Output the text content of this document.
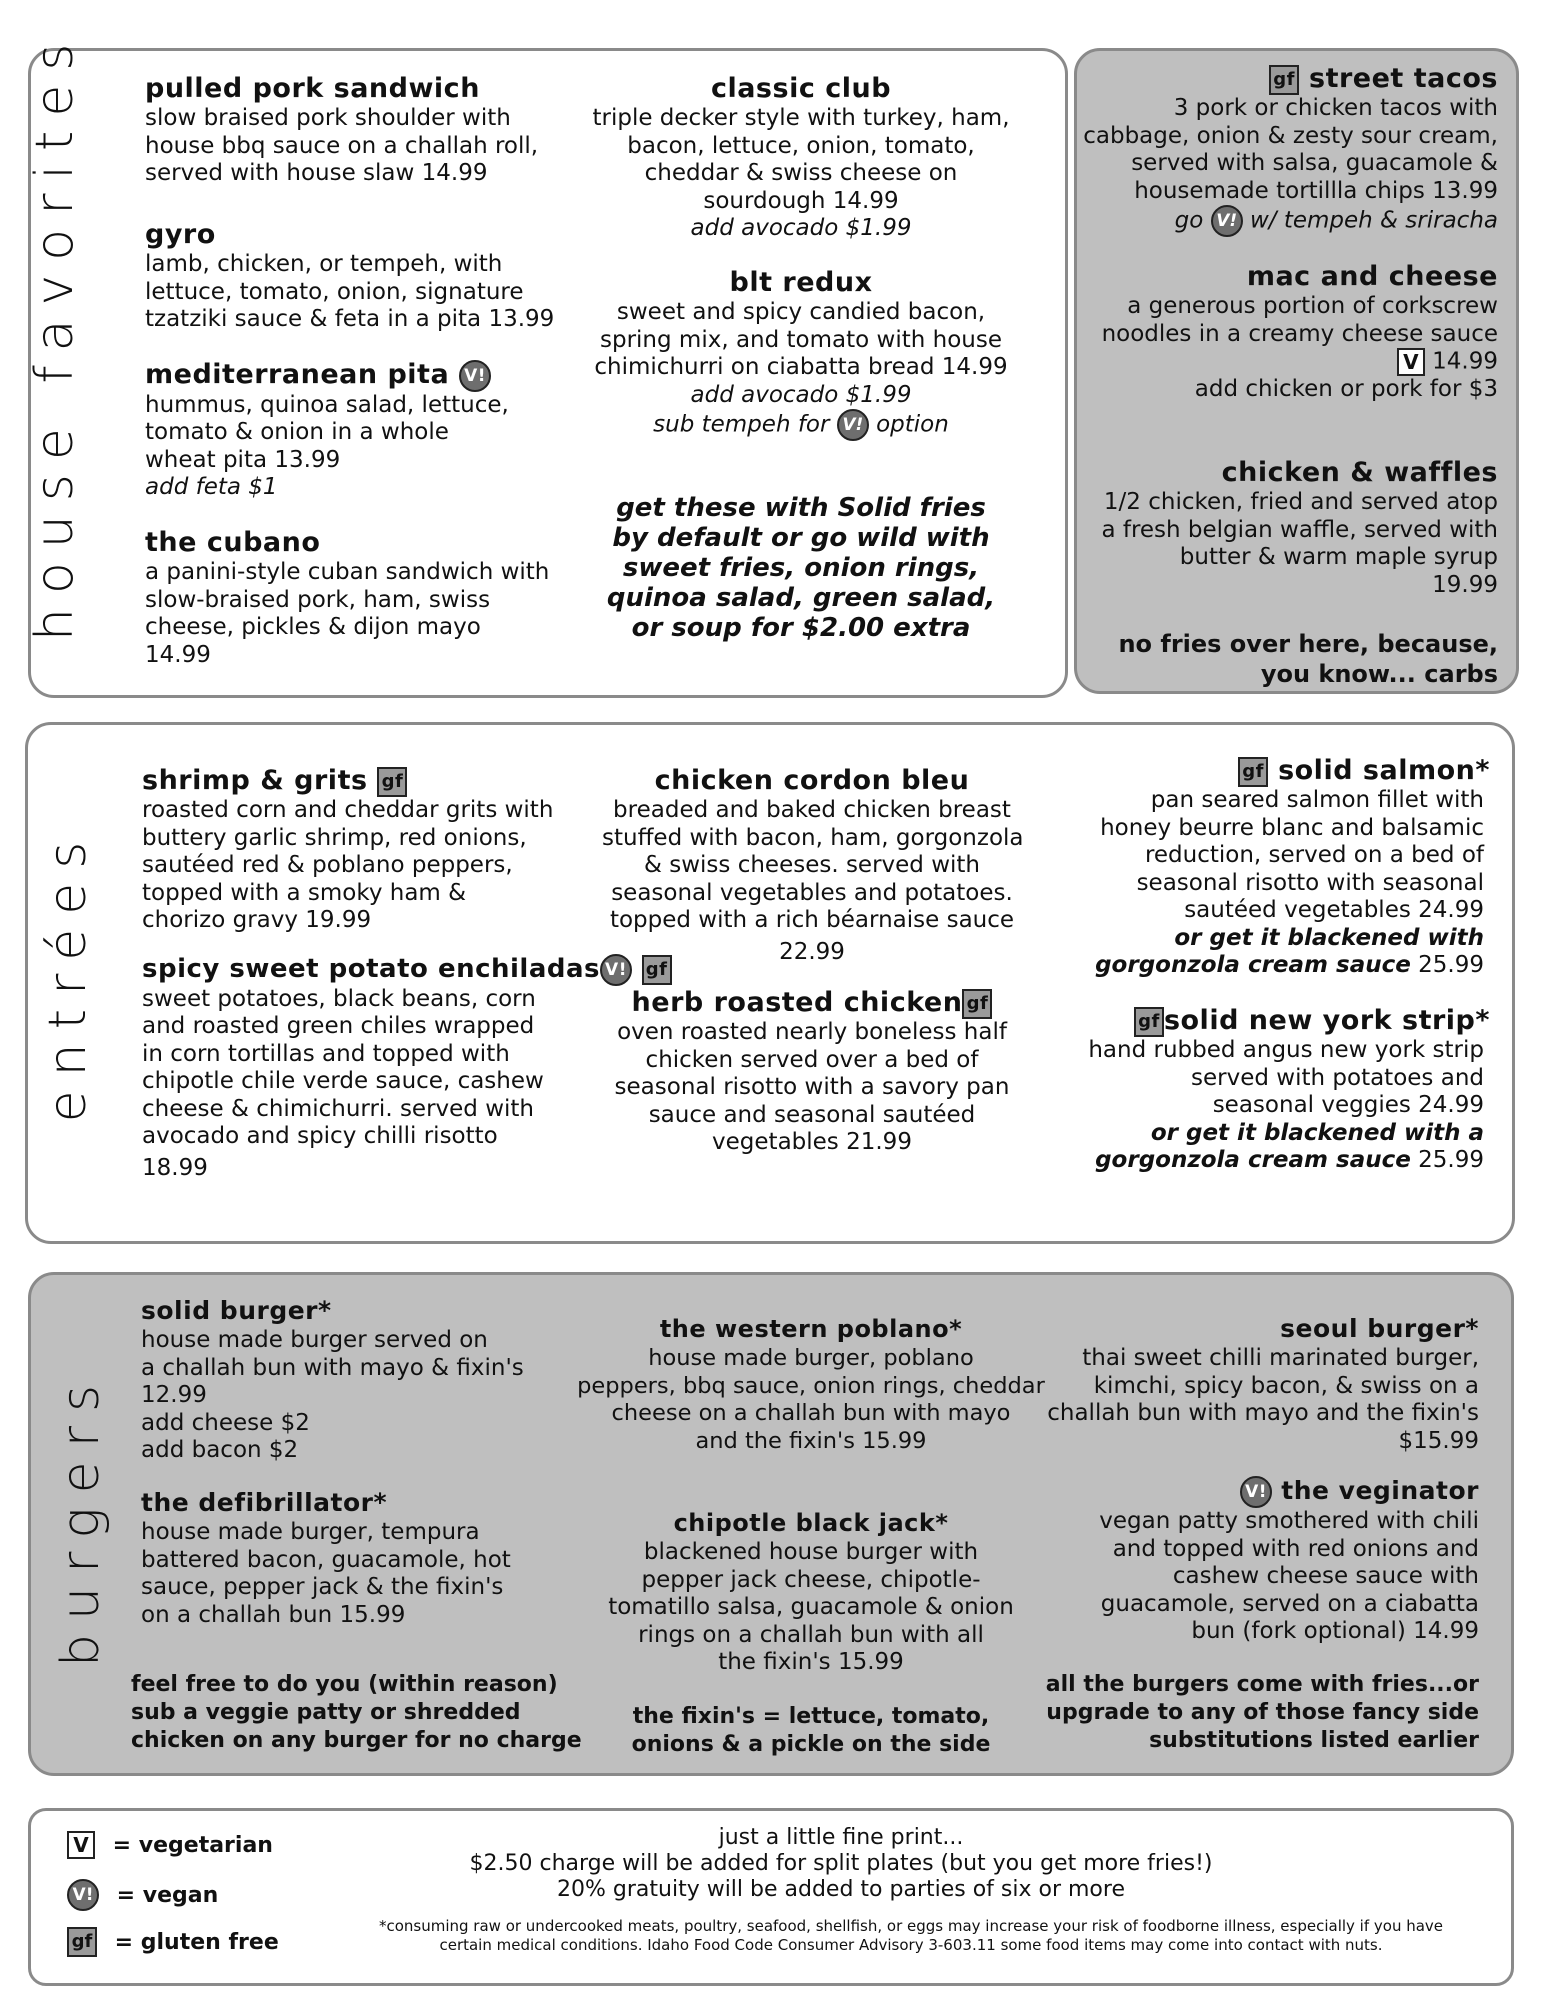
house favorites pulled pork sandwich
slow braised pork shoulder with
house bbq sauce on a challah roll,
served with house slaw 14.99
gyro
lamb, chicken, or tempeh, with
lettuce, tomato, onion, signature
tzatziki sauce & feta in a pita 13.99
mediterranean pita V!
hummus, quinoa salad, lettuce,
tomato & onion in a whole
wheat pita 13.99
add feta $1
the cubano
a panini-style cuban sandwich with
slow-braised pork, ham, swiss
cheese, pickles & dijon mayo
14.99
classic club
triple decker style with turkey, ham,
bacon, lettuce, onion, tomato,
cheddar & swiss cheese on
sourdough 14.99
add avocado $1.99
blt redux
sweet and spicy candied bacon,
spring mix, and tomato with house
chimichurri on ciabatta bread 14.99
add avocado $1.99
sub tempeh for V! option
get these with Solid fries
by default or go wild with
sweet fries, onion rings,
quinoa salad, green salad,
or soup for $2.00 extra
gf street tacos
3 pork or chicken tacos with
cabbage, onion & zesty sour cream,
served with salsa, guacamole &
housemade tortillla chips 13.99
go V! w/ tempeh & sriracha
mac and cheese
a generous portion of corkscrew
noodles in a creamy cheese sauce
V 14.99
add chicken or pork for $3
chicken & waffles
1/2 chicken, fried and served atop
a fresh belgian waffle, served with
butter & warm maple syrup
19.99
no fries over here, because,
you know... carbs
entrées
shrimp & grits gf
roasted corn and cheddar grits with
buttery garlic shrimp, red onions,
sautéed red & poblano peppers,
topped with a smoky ham &
chorizo gravy 19.99
spicy sweet potato enchiladas V! gf
sweet potatoes, black beans, corn
and roasted green chiles wrapped
in corn tortillas and topped with
chipotle chile verde sauce, cashew
cheese & chimichurri. served with
avocado and spicy chilli risotto
18.99
chicken cordon bleu
breaded and baked chicken breast
stuffed with bacon, ham, gorgonzola
& swiss cheeses. served with
seasonal vegetables and potatoes.
topped with a rich béarnaise sauce
22.99
herb roasted chicken gf
oven roasted nearly boneless half
chicken served over a bed of
seasonal risotto with a savory pan
sauce and seasonal sautéed
vegetables 21.99
gf solid salmon*
pan seared salmon fillet with
honey beurre blanc and balsamic
reduction, served on a bed of
seasonal risotto with seasonal
sautéed vegetables 24.99
or get it blackened with
gorgonzola cream sauce 25.99
gf solid new york strip*
hand rubbed angus new york strip
served with potatoes and
seasonal veggies 24.99
or get it blackened with a
gorgonzola cream sauce 25.99
burgers
solid burger*
house made burger served on
a challah bun with mayo & fixin's
12.99
add cheese $2
add bacon $2
the defibrillator*
house made burger, tempura
battered bacon, guacamole, hot
sauce, pepper jack & the fixin's
on a challah bun 15.99
feel free to do you (within reason)
sub a veggie patty or shredded
chicken on any burger for no charge
the western poblano*
house made burger, poblano
peppers, bbq sauce, onion rings, cheddar
cheese on a challah bun with mayo
and the fixin's 15.99
chipotle black jack*
blackened house burger with
pepper jack cheese, chipotle-
tomatillo salsa, guacamole & onion
rings on a challah bun with all
the fixin's 15.99
the fixin's = lettuce, tomato,
onions & a pickle on the side
seoul burger*
thai sweet chilli marinated burger,
kimchi, spicy bacon, & swiss on a
challah bun with mayo and the fixin's
$15.99
V! the veginator
vegan patty smothered with chili
and topped with red onions and
cashew cheese sauce with
guacamole, served on a ciabatta
bun (fork optional) 14.99
all the burgers come with fries...or
upgrade to any of those fancy side
substitutions listed earlier
V = vegetarian
V! = vegan
gf = gluten free
just a little fine print...
$2.50 charge will be added for split plates (but you get more fries!)
20% gratuity will be added to parties of six or more
*consuming raw or undercooked meats, poultry, seafood, shellfish, or eggs may increase your risk of foodborne illness, especially if you have
certain medical conditions. Idaho Food Code Consumer Advisory 3-603.11 some food items may come into contact with nuts.
